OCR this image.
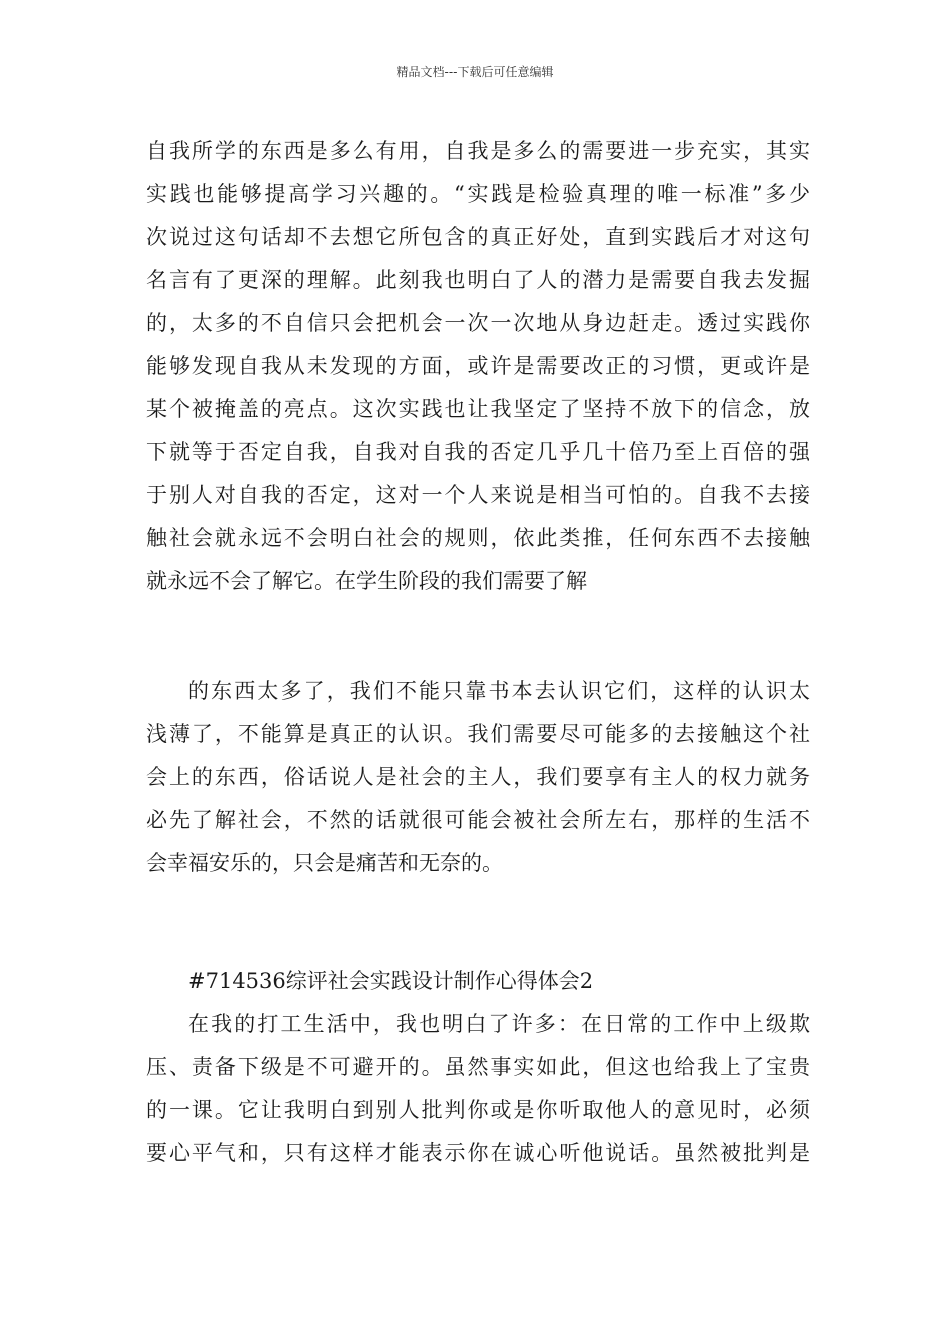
精品文档---下载后可任意编辑
自我所学的东西是多么有用，自我是多么的需要进一步充实，其实
实践也能够提高学习兴趣的。“实践是检验真理的唯一标准”多少
次说过这句话却不去想它所包含的真正好处，直到实践后才对这句
名言有了更深的理解。此刻我也明白了人的潜力是需要自我去发掘
的，太多的不自信只会把机会一次一次地从身边赶走。透过实践你
能够发现自我从未发现的方面，或许是需要改正的习惯，更或许是
某个被掩盖的亮点。这次实践也让我坚定了坚持不放下的信念，放
下就等于否定自我，自我对自我的否定几乎几十倍乃至上百倍的强
于别人对自我的否定，这对一个人来说是相当可怕的。自我不去接
触社会就永远不会明白社会的规则，依此类推，任何东西不去接触
就永远不会了解它。在学生阶段的我们需要了解
的东西太多了，我们不能只靠书本去认识它们，这样的认识太
浅薄了，不能算是真正的认识。我们需要尽可能多的去接触这个社
会上的东西，俗话说人是社会的主人，我们要享有主人的权力就务
必先了解社会，不然的话就很可能会被社会所左右，那样的生活不
会幸福安乐的，只会是痛苦和无奈的。
#714536综评社会实践设计制作心得体会2
在我的打工生活中，我也明白了许多：在日常的工作中上级欺
压、责备下级是不可避开的。虽然事实如此，但这也给我上了宝贵
的一课。它让我明白到别人批判你或是你听取他人的意见时，必须
要心平气和，只有这样才能表示你在诚心听他说话。虽然被批判是
